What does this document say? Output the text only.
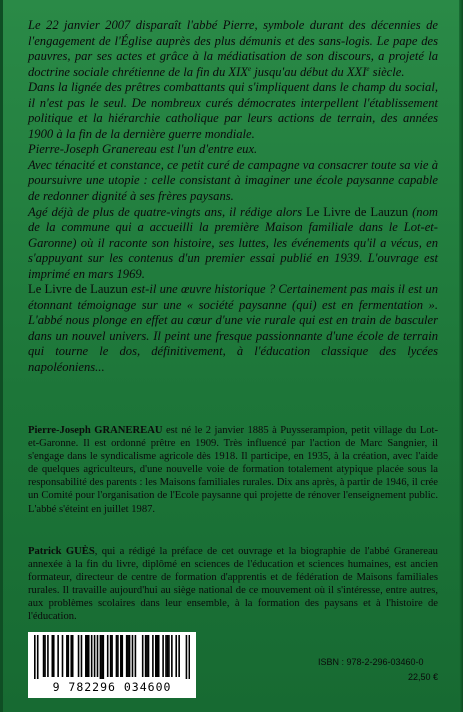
Le 22 janvier 2007 disparaît l'abbé Pierre, symbole durant des décennies de l'engagement de l'Église auprès des plus démunis et des sans-logis. Le pape des pauvres, par ses actes et grâce à la médiatisation de son discours, a projeté la doctrine sociale chrétienne de la fin du XIXe jusqu'au début du XXIe siècle.

Dans la lignée des prêtres combattants qui s'impliquent dans le champ du social, il n'est pas le seul. De nombreux curés démocrates interpellent l'établissement politique et la hiérarchie catholique par leurs actions de terrain, des années 1900 à la fin de la dernière guerre mondiale.

Pierre-Joseph Granereau est l'un d'entre eux.

Avec ténacité et constance, ce petit curé de campagne va consacrer toute sa vie à poursuivre une utopie : celle consistant à imaginer une école paysanne capable de redonner dignité à ses frères paysans.

Agé déjà de plus de quatre-vingts ans, il rédige alors Le Livre de Lauzun (nom de la commune qui a accueilli la première Maison familiale dans le Lot-et-Garonne) où il raconte son histoire, ses luttes, les événements qu'il a vécus, en s'appuyant sur les contenus d'un premier essai publié en 1939. L'ouvrage est imprimé en mars 1969.

Le Livre de Lauzun est-il une œuvre historique ? Certainement pas mais il est un étonnant témoignage sur une « société paysanne (qui) est en fermentation ». L'abbé nous plonge en effet au cœur d'une vie rurale qui est en train de basculer dans un nouvel univers. Il peint une fresque passionnante d'une école de terrain qui tourne le dos, définitivement, à l'éducation classique des lycées napoléoniens...

Pierre-Joseph GRANEREAU est né le 2 janvier 1885 à Puysserampion, petit village du Lot-et-Garonne. Il est ordonné prêtre en 1909. Très influencé par l'action de Marc Sangnier, il s'engage dans le syndicalisme agricole dès 1918. Il participe, en 1935, à la création, avec l'aide de quelques agriculteurs, d'une nouvelle voie de formation totalement atypique placée sous la responsabilité des parents : les Maisons familiales rurales. Dix ans après, à partir de 1946, il crée un Comité pour l'organisation de l'Ecole paysanne qui projette de rénover l'enseignement public. L'abbé s'éteint en juillet 1987.
Patrick GUÈS, qui a rédigé la préface de cet ouvrage et la biographie de l'abbé Granereau annexée à la fin du livre, diplômé en sciences de l'éducation et sciences humaines, est ancien formateur, directeur de centre de formation d'apprentis et de fédération de Maisons familiales rurales. Il travaille aujourd'hui au siège national de ce mouvement où il s'intéresse, entre autres, aux problèmes scolaires dans leur ensemble, à la formation des paysans et à l'histoire de l'éducation.
9 782296 034600
ISBN : 978-2-296-03460-0
22,50 €
